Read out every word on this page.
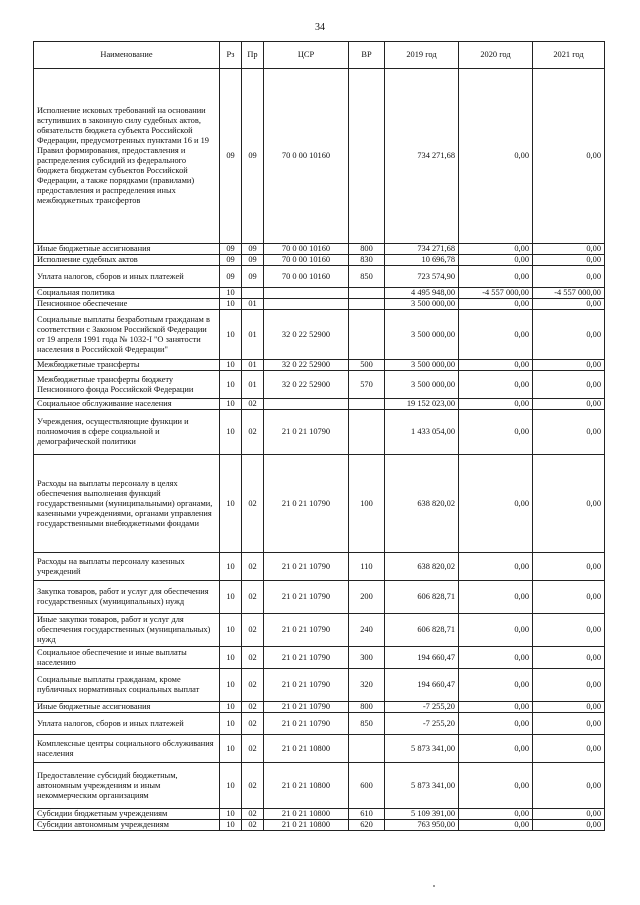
34
Наименование	Рз	Пр	ЦСР	ВР	2019 год	2020 год	2021 год
Исполнение исковых требований на основании вступивших в законную силу судебных актов, обязательств бюджета субъекта Российской Федерации, предусмотренных пунктами 16 и 19 Правил формирования, предоставления и распределения субсидий из федерального бюджета бюджетам субъектов Российской Федерации, а также порядками (правилами) предоставления и распределения иных межбюджетных трансфертов	09	09	70 0 00 10160		734 271,68	0,00	0,00
Иные бюджетные ассигнования	09	09	70 0 00 10160	800	734 271,68	0,00	0,00
Исполнение судебных актов	09	09	70 0 00 10160	830	10 696,78	0,00	0,00
Уплата налогов, сборов и иных платежей	09	09	70 0 00 10160	850	723 574,90	0,00	0,00
Социальная политика	10				4 495 948,00	-4 557 000,00	-4 557 000,00
Пенсионное обеспечение	10	01			3 500 000,00	0,00	0,00
Социальные выплаты безработным гражданам в соответствии с Законом Российской Федерации от 19 апреля 1991 года № 1032-I "О занятости населения в Российской Федерации"	10	01	32 0 22 52900		3 500 000,00	0,00	0,00
Межбюджетные трансферты	10	01	32 0 22 52900	500	3 500 000,00	0,00	0,00
Межбюджетные трансферты бюджету Пенсионного фонда Российской Федерации	10	01	32 0 22 52900	570	3 500 000,00	0,00	0,00
Социальное обслуживание населения	10	02			19 152 023,00	0,00	0,00
Учреждения, осуществляющие функции и полномочия в сфере социальной и демографической политики	10	02	21 0 21 10790		1 433 054,00	0,00	0,00
Расходы на выплаты персоналу в целях обеспечения выполнения функций государственными (муниципальными) органами, казенными учреждениями, органами управления государственными внебюджетными фондами	10	02	21 0 21 10790	100	638 820,02	0,00	0,00
Расходы на выплаты персоналу казенных учреждений	10	02	21 0 21 10790	110	638 820,02	0,00	0,00
Закупка товаров, работ и услуг для обеспечения государственных (муниципальных) нужд	10	02	21 0 21 10790	200	606 828,71	0,00	0,00
Иные закупки товаров, работ и услуг для обеспечения государственных (муниципальных) нужд	10	02	21 0 21 10790	240	606 828,71	0,00	0,00
Социальное обеспечение и иные выплаты населению	10	02	21 0 21 10790	300	194 660,47	0,00	0,00
Социальные выплаты гражданам, кроме публичных нормативных социальных выплат	10	02	21 0 21 10790	320	194 660,47	0,00	0,00
Иные бюджетные ассигнования	10	02	21 0 21 10790	800	-7 255,20	0,00	0,00
Уплата налогов, сборов и иных платежей	10	02	21 0 21 10790	850	-7 255,20	0,00	0,00
Комплексные центры социального обслуживания населения	10	02	21 0 21 10800		5 873 341,00	0,00	0,00
Предоставление субсидий бюджетным, автономным учреждениям и иным некоммерческим организациям	10	02	21 0 21 10800	600	5 873 341,00	0,00	0,00
Субсидии бюджетным учреждениям	10	02	21 0 21 10800	610	5 109 391,00	0,00	0,00
Субсидии автономным учреждениям	10	02	21 0 21 10800	620	763 950,00	0,00	0,00
